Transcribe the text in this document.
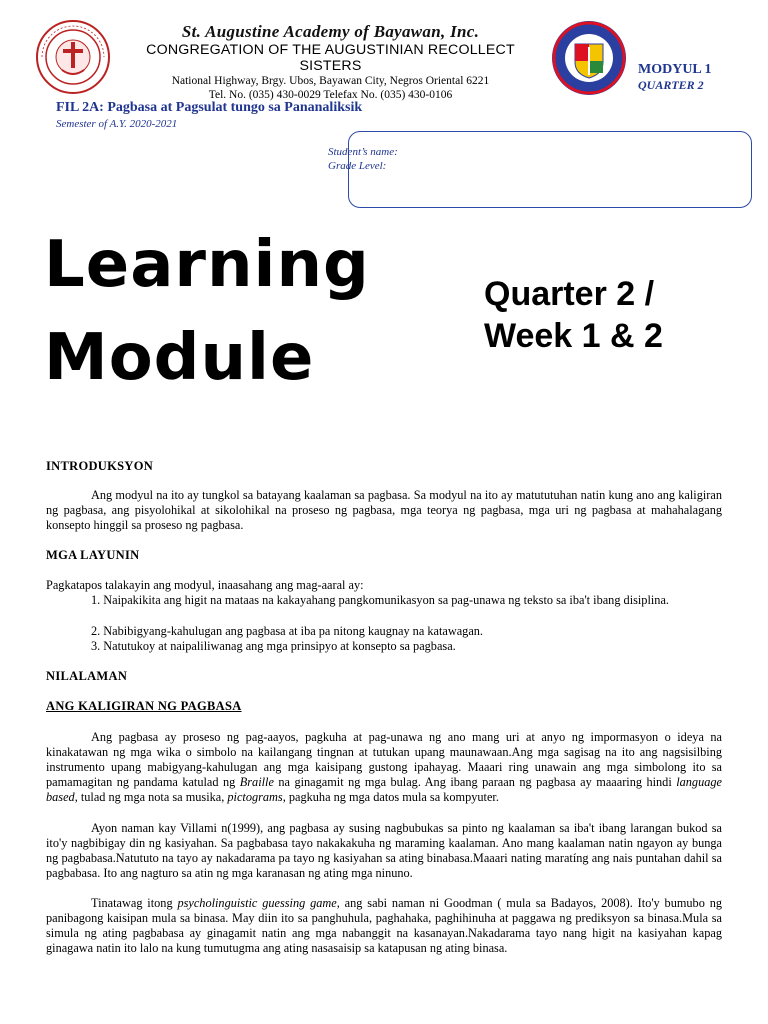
St. Augustine Academy of Bayawan, Inc.
CONGREGATION OF THE AUGUSTINIAN RECOLLECT SISTERS
National Highway, Brgy. Ubos, Bayawan City, Negros Oriental 6221
Tel. No. (035) 430-0029 Telefax No. (035) 430-0106
MODYUL 1
QUARTER 2
FIL 2A: Pagbasa at Pagsulat tungo sa Pananaliksik
Semester of A.Y. 2020-2021
Student’s name:
Grade Level:
Learning
Module
Quarter 2 /
Week 1 & 2
INTRODUKSYON
Ang modyul na ito ay tungkol sa batayang kaalaman sa pagbasa. Sa modyul na ito ay matututuhan natin kung ano ang kaligiran ng pagbasa, ang pisyolohikal at sikolohikal na proseso ng pagbasa, mga teorya ng pagbasa, mga uri ng pagbasa at mahahalagang konsepto hinggil sa proseso ng pagbasa.
MGA LAYUNIN
Pagkatapos talakayin ang modyul, inaasahang ang mag-aaral ay:
1. Naipakikita ang higit na mataas na kakayahang pangkomunikasyon sa pag-unawa ng teksto sa iba't ibang disiplina.
2. Nabibigyang-kahulugan ang pagbasa at iba pa nitong kaugnay na katawagan.
3. Natutukoy at naipaliliwanag ang mga prinsipyo at konsepto sa pagbasa.
NILALAMAN
ANG KALIGIRAN NG PAGBASA
Ang pagbasa ay proseso ng pag-aayos, pagkuha at pag-unawa ng ano mang uri at anyo ng impormasyon o ideya na kinakatawan ng mga wika o simbolo na kailangang tingnan at tutukan upang maunawaan.Ang mga sagisag na ito ang nagsisilbing instrumento upang mabigyang-kahulugan ang mga kaisipang gustong ipahayag. Maaari ring unawain ang mga simbolong ito sa pamamagitan ng pandama katulad ng Braille na ginagamit ng mga bulag. Ang ibang paraan ng pagbasa ay maaaring hindi language based, tulad ng mga nota sa musika, pictograms, pagkuha ng mga datos mula sa kompyuter.
Ayon naman kay Villami n(1999), ang pagbasa ay susing nagbubukas sa pinto ng kaalaman sa iba't ibang larangan bukod sa ito'y nagbibigay din ng kasiyahan. Sa pagbabasa tayo nakakakuha ng maraming kaalaman. Ano mang kaalaman natin ngayon ay bunga ng pagbabasa.Natututo na tayo ay nakadarama pa tayo ng kasiyahan sa ating binabasa.Maaari nating maratíng ang nais puntahan dahil sa pagbabasa. Ito ang nagturo sa atin ng mga karanasan ng ating mga ninuno.
Tinatawag itong psycholinguistic guessing game, ang sabi naman ni Goodman ( mula sa Badayos, 2008). Ito'y bumubo ng panibagong kaisipan mula sa binasa. May diin ito sa panghuhula, paghahaka, paghihinuha at paggawa ng prediksyon sa binasa.Mula sa simula ng ating pagbabasa ay ginagamit natin ang mga nabanggit na kasanayan.Nakadarama tayo nang higit na kasiyahan kapag ginagawa natin ito lalo na kung tumutugma ang ating nasasaisip sa katapusan ng ating binasa.
